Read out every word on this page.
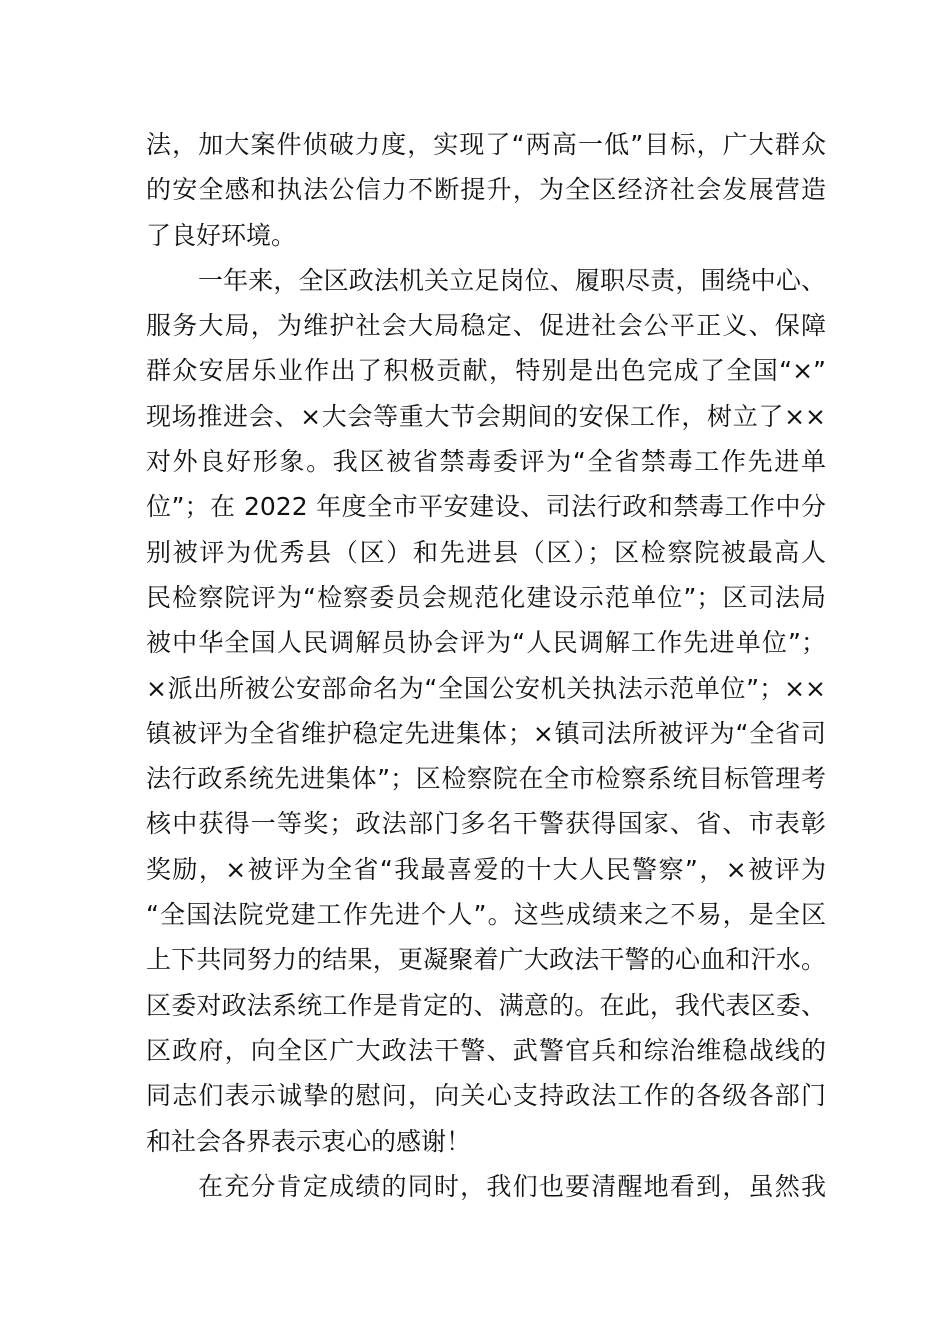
法，加大案件侦破力度，实现了“两高一低”目标，广大群众
的安全感和执法公信力不断提升，为全区经济社会发展营造
了良好环境。
一年来，全区政法机关立足岗位、履职尽责，围绕中心、
服务大局，为维护社会大局稳定、促进社会公平正义、保障
群众安居乐业作出了积极贡献，特别是出色完成了全国“×”
现场推进会、×大会等重大节会期间的安保工作，树立了××
对外良好形象。我区被省禁毒委评为“全省禁毒工作先进单
位”；在 2022 年度全市平安建设、司法行政和禁毒工作中分
别被评为优秀县（区）和先进县（区）；区检察院被最高人
民检察院评为“检察委员会规范化建设示范单位”；区司法局
被中华全国人民调解员协会评为“人民调解工作先进单位”；
×派出所被公安部命名为“全国公安机关执法示范单位”；××
镇被评为全省维护稳定先进集体；×镇司法所被评为“全省司
法行政系统先进集体”；区检察院在全市检察系统目标管理考
核中获得一等奖；政法部门多名干警获得国家、省、市表彰
奖励，×被评为全省“我最喜爱的十大人民警察”，×被评为
“全国法院党建工作先进个人”。这些成绩来之不易，是全区
上下共同努力的结果，更凝聚着广大政法干警的心血和汗水。
区委对政法系统工作是肯定的、满意的。在此，我代表区委、
区政府，向全区广大政法干警、武警官兵和综治维稳战线的
同志们表示诚挚的慰问，向关心支持政法工作的各级各部门
和社会各界表示衷心的感谢！
在充分肯定成绩的同时，我们也要清醒地看到，虽然我
